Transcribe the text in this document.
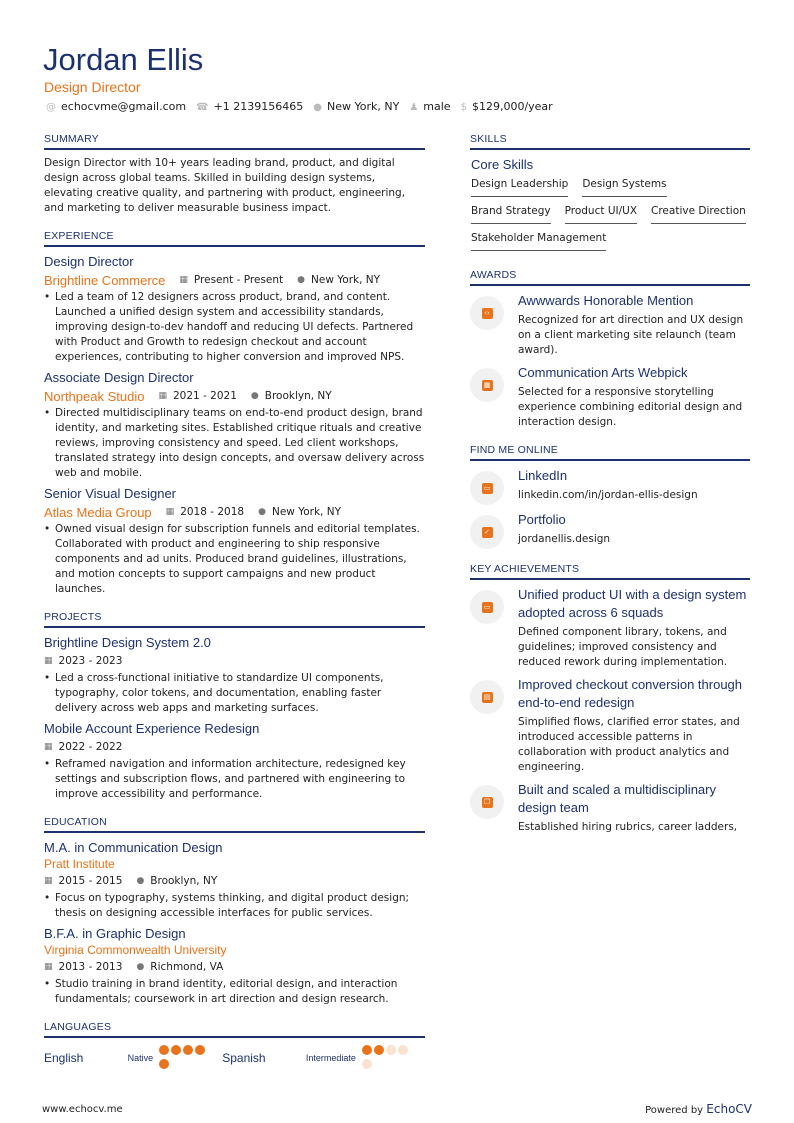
Jordan Ellis
Design Director
@ echocvme@gmail.com ☎ +1 2139156465 ● New York, NY ♟ male $ $129,000/year
SUMMARY

Design Director with 10+ years leading brand, product, and digital design across global teams. Skilled in building design systems, elevating creative quality, and partnering with product, engineering, and marketing to deliver measurable business impact.

EXPERIENCE
Design Director
Brightline Commerce ▦ Present - Present ● New York, NY
• Led a team of 12 designers across product, brand, and content. Launched a unified design system and accessibility standards, improving design-to-dev handoff and reducing UI defects. Partnered with Product and Growth to redesign checkout and account experiences, contributing to higher conversion and improved NPS.
Associate Design Director
Northpeak Studio ▦ 2021 - 2021 ● Brooklyn, NY
• Directed multidisciplinary teams on end-to-end product design, brand identity, and marketing sites. Established critique rituals and creative reviews, improving consistency and speed. Led client workshops, translated strategy into design concepts, and oversaw delivery across web and mobile.
Senior Visual Designer
Atlas Media Group ▦ 2018 - 2018 ● New York, NY
• Owned visual design for subscription funnels and editorial templates. Collaborated with product and engineering to ship responsive components and ad units. Produced brand guidelines, illustrations, and motion concepts to support campaigns and new product launches.
PROJECTS
Brightline Design System 2.0
▦ 2023 - 2023
• Led a cross-functional initiative to standardize UI components, typography, color tokens, and documentation, enabling faster delivery across web apps and marketing surfaces.
Mobile Account Experience Redesign
▦ 2022 - 2022
• Reframed navigation and information architecture, redesigned key settings and subscription flows, and partnered with engineering to improve accessibility and performance.
EDUCATION
M.A. in Communication Design
Pratt Institute
▦ 2015 - 2015 ● Brooklyn, NY
• Focus on typography, systems thinking, and digital product design; thesis on designing accessible interfaces for public services.
B.F.A. in Graphic Design
Virginia Commonwealth University
▦ 2013 - 2013 ● Richmond, VA
• Studio training in brand identity, editorial design, and interaction fundamentals; coursework in art direction and design research.
LANGUAGES
English	Native	Spanish	Intermediate
SKILLS
Core Skills
Design Leadership Design Systems
Brand Strategy Product UI/UX Creative Direction
Stakeholder Management
AWARDS
‹›
Awwwards Honorable Mention

Recognized for art direction and UX design on a client marketing site relaunch (team award).

▦
Communication Arts Webpick

Selected for a responsive storytelling experience combining editorial design and interaction design.

FIND ME ONLINE
▭
LinkedIn

linkedin.com/in/jordan-ellis-design

✓
Portfolio

jordanellis.design

KEY ACHIEVEMENTS
▭
Unified product UI with a design system adopted across 6 squads

Defined component library, tokens, and guidelines; improved consistency and reduced rework during implementation.

▤
Improved checkout conversion through end-to-end redesign

Simplified flows, clarified error states, and introduced accessible patterns in collaboration with product analytics and engineering.

❐
Built and scaled a multidisciplinary design team

Established hiring rubrics, career ladders,

www.echocv.me	Powered by EchoCV
